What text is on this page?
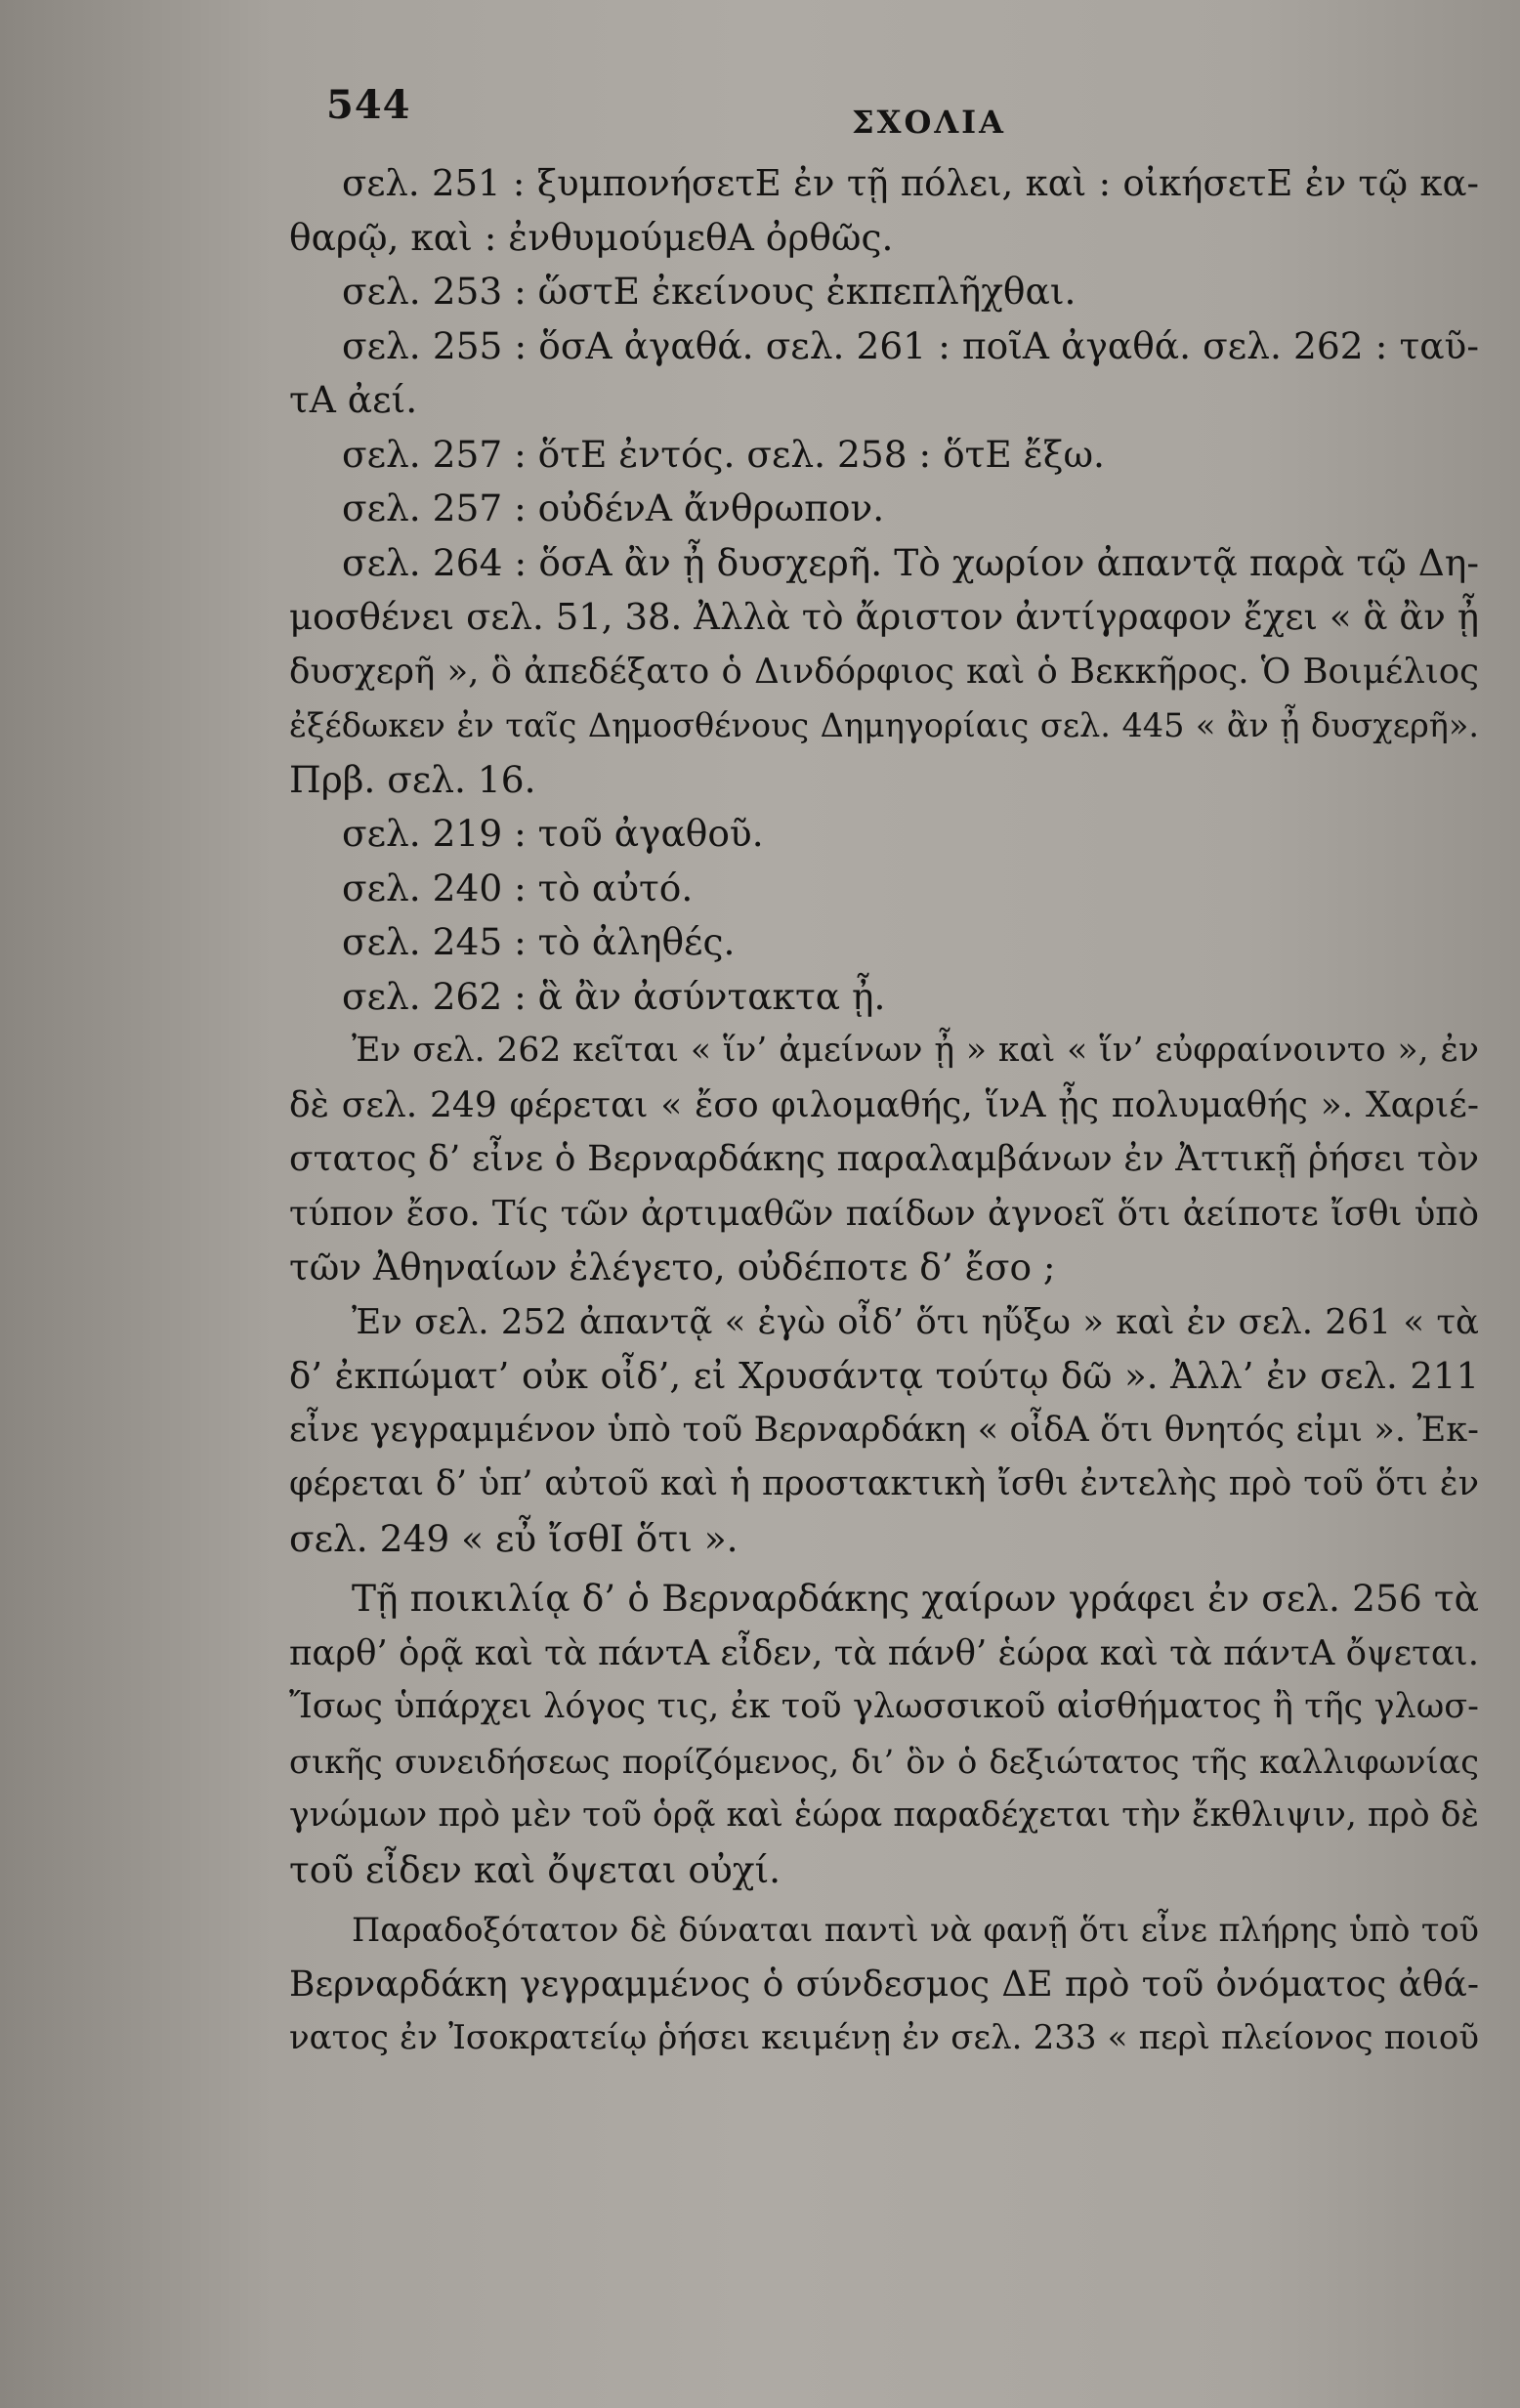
544	ΣΧΟΛΙΑ
σελ. 251 : ξυμπονήσετΕ ἐν τῇ πόλει, καὶ : οἰκήσετΕ ἐν τῷ κα-
θαρῷ, καὶ : ἐνθυμούμεθΑ ὀρθῶς.
σελ. 253 : ὥστΕ ἐκείνους ἐκπεπλῆχθαι.
σελ. 255 : ὅσΑ ἀγαθά. σελ. 261 : ποῖΑ ἀγαθά. σελ. 262 : ταῦ-
τΑ ἀεί.
σελ. 257 : ὅτΕ ἐντός. σελ. 258 : ὅτΕ ἔξω.
σελ. 257 : οὐδένΑ ἄνθρωπον.
σελ. 264 : ὅσΑ ἂν ᾖ δυσχερῆ. Τὸ χωρίον ἀπαντᾷ παρὰ τῷ Δη-
μοσθένει σελ. 51, 38. Ἀλλὰ τὸ ἄριστον ἀντίγραφον ἔχει « ἃ ἂν ᾖ
δυσχερῆ », ὃ ἀπεδέξατο ὁ Δινδόρφιος καὶ ὁ Βεκκῆρος. Ὁ Βοιμέλιος
ἐξέδωκεν ἐν ταῖς Δημοσθένους Δημηγορίαις σελ. 445 « ἂν ᾖ δυσχερῆ».
Πρβ. σελ. 16.
σελ. 219 : τοῦ ἀγαθοῦ.
σελ. 240 : τὸ αὐτό.
σελ. 245 : τὸ ἀληθές.
σελ. 262 : ἃ ἂν ἀσύντακτα ᾖ.
Ἐν σελ. 262 κεῖται « ἵν’ ἀμείνων ᾖ » καὶ « ἵν’ εὐφραίνοιντο », ἐν
δὲ σελ. 249 φέρεται « ἔσο φιλομαθής, ἵνΑ ᾖς πολυμαθής ». Χαριέ-
στατος δ’ εἶνε ὁ Βερναρδάκης παραλαμβάνων ἐν Ἀττικῇ ῥήσει τὸν
τύπον ἔσο. Τίς τῶν ἀρτιμαθῶν παίδων ἀγνοεῖ ὅτι ἀείποτε ἴσθι ὑπὸ
τῶν Ἀθηναίων ἐλέγετο, οὐδέποτε δ’ ἔσο ;
Ἐν σελ. 252 ἀπαντᾷ « ἐγὼ οἶδ’ ὅτι ηὔξω » καὶ ἐν σελ. 261 « τὰ
δ’ ἐκπώματ’ οὐκ οἶδ’, εἰ Χρυσάντᾳ τούτῳ δῶ ». Ἀλλ’ ἐν σελ. 211
εἶνε γεγραμμένον ὑπὸ τοῦ Βερναρδάκη « οἶδΑ ὅτι θνητός εἰμι ». Ἐκ-
φέρεται δ’ ὑπ’ αὐτοῦ καὶ ἡ προστακτικὴ ἴσθι ἐντελὴς πρὸ τοῦ ὅτι ἐν
σελ. 249 « εὖ ἴσθΙ ὅτι ».
Τῇ ποικιλίᾳ δ’ ὁ Βερναρδάκης χαίρων γράφει ἐν σελ. 256 τὰ
παρθ’ ὁρᾷ καὶ τὰ πάντΑ εἶδεν, τὰ πάνθ’ ἑώρα καὶ τὰ πάντΑ ὄψεται.
Ἴσως ὑπάρχει λόγος τις, ἐκ τοῦ γλωσσικοῦ αἰσθήματος ἢ τῆς γλωσ-
σικῆς συνειδήσεως πορίζόμενος, δι’ ὃν ὁ δεξιώτατος τῆς καλλιφωνίας
γνώμων πρὸ μὲν τοῦ ὁρᾷ καὶ ἑώρα παραδέχεται τὴν ἔκθλιψιν, πρὸ δὲ
τοῦ εἶδεν καὶ ὄψεται οὐχί.
Παραδοξότατον δὲ δύναται παντὶ νὰ φανῇ ὅτι εἶνε πλήρης ὑπὸ τοῦ
Βερναρδάκη γεγραμμένος ὁ σύνδεσμος ΔΕ πρὸ τοῦ ὀνόματος ἀθά-
νατος ἐν Ἰσοκρατείῳ ῥήσει κειμένῃ ἐν σελ. 233 « περὶ πλείονος ποιοῦ
